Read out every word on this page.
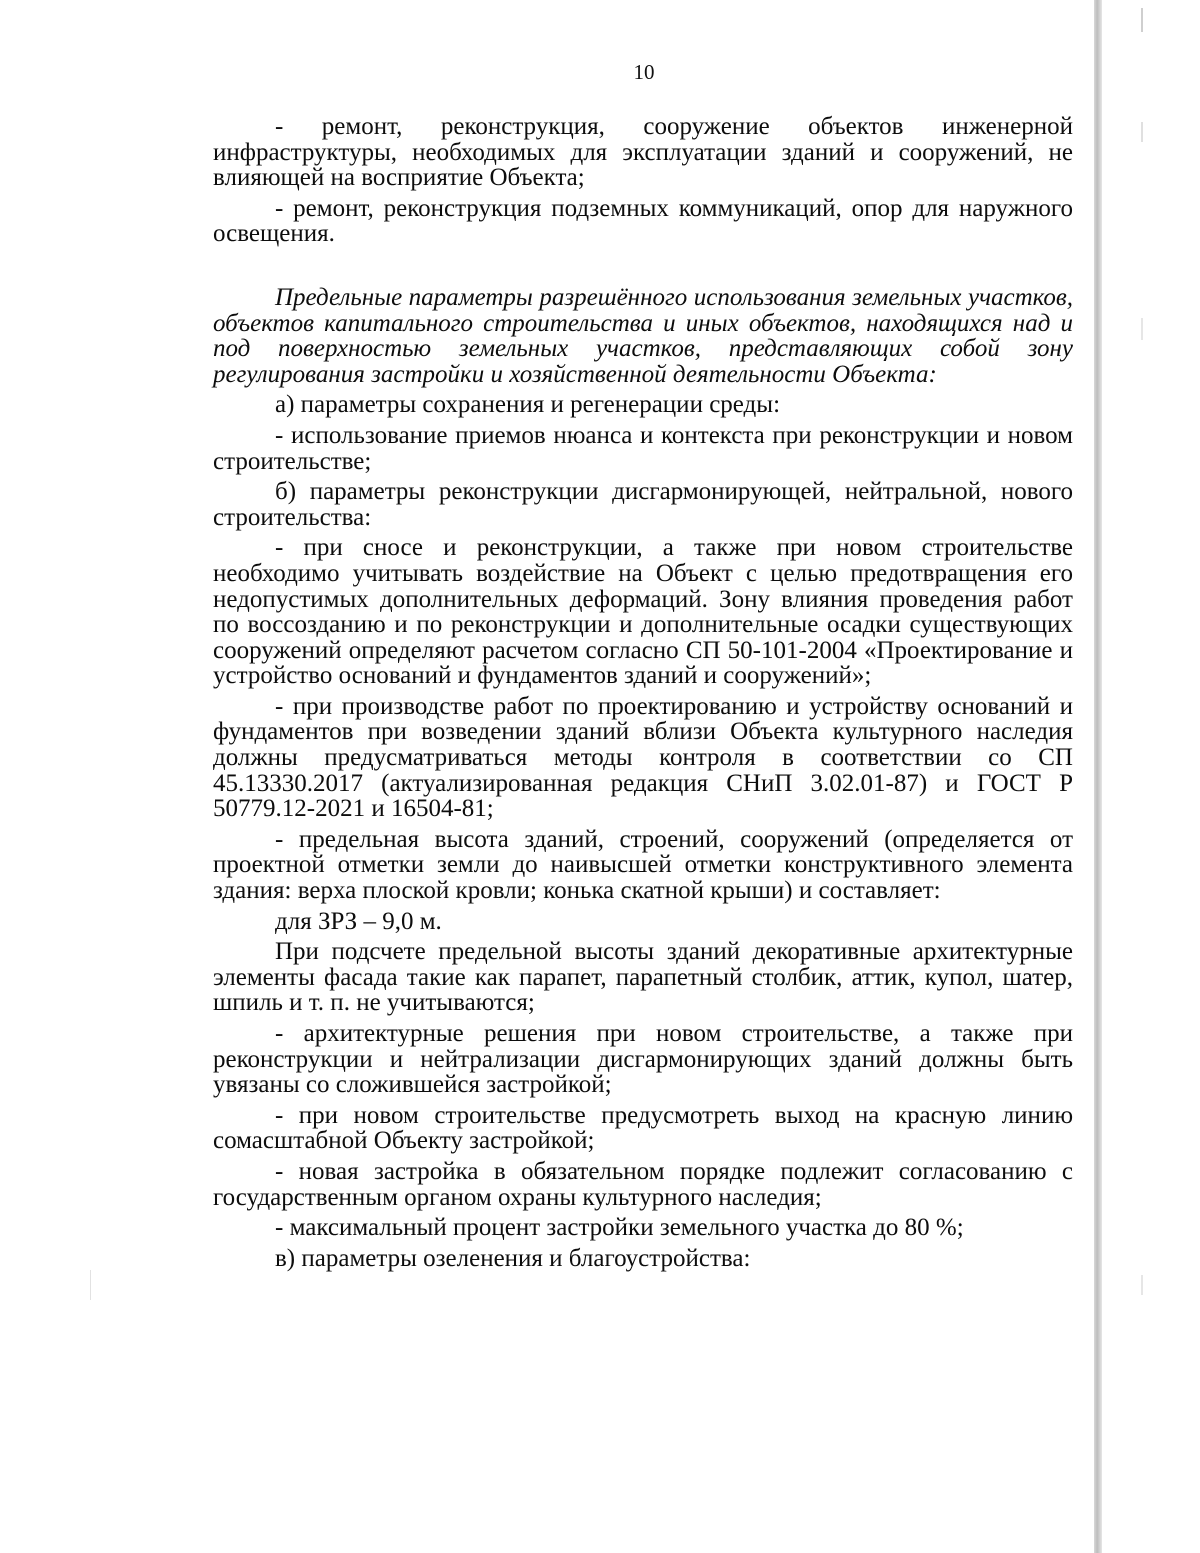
10

- ремонт, реконструкция, сооружение объектов инженерной инфраструктуры, необходимых для эксплуатации зданий и сооружений, не влияющей на восприятие Объекта;

- ремонт, реконструкция подземных коммуникаций, опор для наружного освещения.

Предельные параметры разрешённого использования земельных участков, объектов капитального строительства и иных объектов, находящихся над и под поверхностью земельных участков, представляющих собой зону регулирования застройки и хозяйственной деятельности Объекта:

а) параметры сохранения и регенерации среды:

- использование приемов нюанса и контекста при реконструкции и новом строительстве;

б) параметры реконструкции дисгармонирующей, нейтральной, нового строительства:

- при сносе и реконструкции, а также при новом строительстве необходимо учитывать воздействие на Объект с целью предотвращения его недопустимых дополнительных деформаций. Зону влияния проведения работ по воссозданию и по реконструкции и дополнительные осадки существующих сооружений определяют расчетом согласно СП 50-101-2004 «Проектирование и устройство оснований и фундаментов зданий и сооружений»;

- при производстве работ по проектированию и устройству оснований и фундаментов при возведении зданий вблизи Объекта культурного наследия должны предусматриваться методы контроля в соответствии со СП 45.13330.2017 (актуализированная редакция СНиП 3.02.01-87) и ГОСТ Р 50779.12-2021 и 16504-81;

- предельная высота зданий, строений, сооружений (определяется от проектной отметки земли до наивысшей отметки конструктивного элемента здания: верха плоской кровли; конька скатной крыши) и составляет:

для ЗРЗ – 9,0 м.

При подсчете предельной высоты зданий декоративные архитектурные элементы фасада такие как парапет, парапетный столбик, аттик, купол, шатер, шпиль и т. п. не учитываются;

- архитектурные решения при новом строительстве, а также при реконструкции и нейтрализации дисгармонирующих зданий должны быть увязаны со сложившейся застройкой;

- при новом строительстве предусмотреть выход на красную линию сомасштабной Объекту застройкой;

- новая застройка в обязательном порядке подлежит согласованию с государственным органом охраны культурного наследия;

- максимальный процент застройки земельного участка до 80 %;

в) параметры озеленения и благоустройства:
